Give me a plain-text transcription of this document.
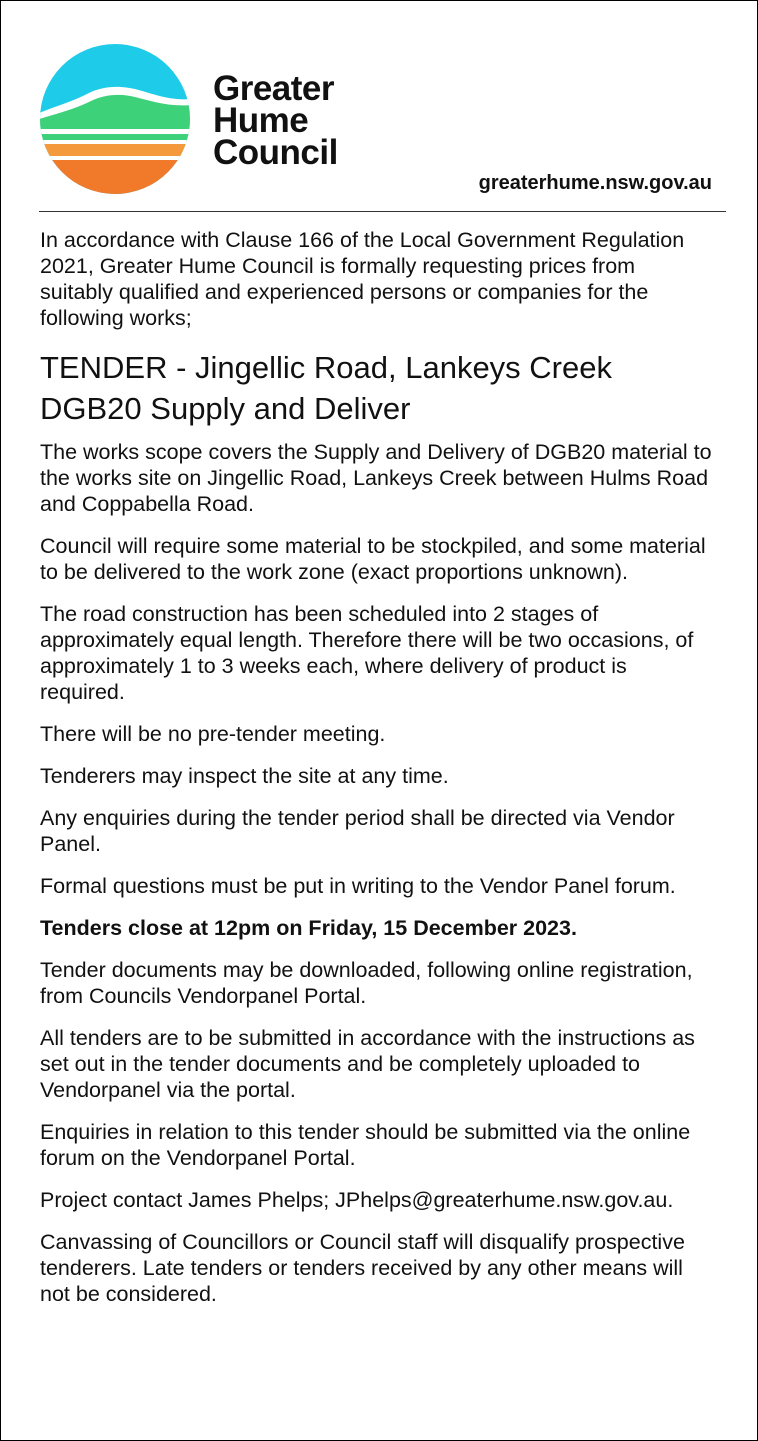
Greater
Hume
Council
greaterhume.nsw.gov.au

In accordance with Clause 166 of the Local Government Regulation 2021, Greater Hume Council is formally requesting prices from suitably qualified and experienced persons or companies for the following works;

TENDER - Jingellic Road, Lankeys Creek
DGB20 Supply and Deliver

The works scope covers the Supply and Delivery of DGB20 material to the works site on Jingellic Road, Lankeys Creek between Hulms Road and Coppabella Road.

Council will require some material to be stockpiled, and some material to be delivered to the work zone (exact proportions unknown).

The road construction has been scheduled into 2 stages of approximately equal length. Therefore there will be two occasions, of approximately 1 to 3 weeks each, where delivery of product is required.

There will be no pre-tender meeting.

Tenderers may inspect the site at any time.

Any enquiries during the tender period shall be directed via Vendor Panel.

Formal questions must be put in writing to the Vendor Panel forum.

Tenders close at 12pm on Friday, 15 December 2023.

Tender documents may be downloaded, following online registration, from Councils Vendorpanel Portal.

All tenders are to be submitted in accordance with the instructions as set out in the tender documents and be completely uploaded to Vendorpanel via the portal.

Enquiries in relation to this tender should be submitted via the online forum on the Vendorpanel Portal.

Project contact James Phelps; JPhelps@greaterhume.nsw.gov.au.

Canvassing of Councillors or Council staff will disqualify prospective tenderers. Late tenders or tenders received by any other means will not be considered.
